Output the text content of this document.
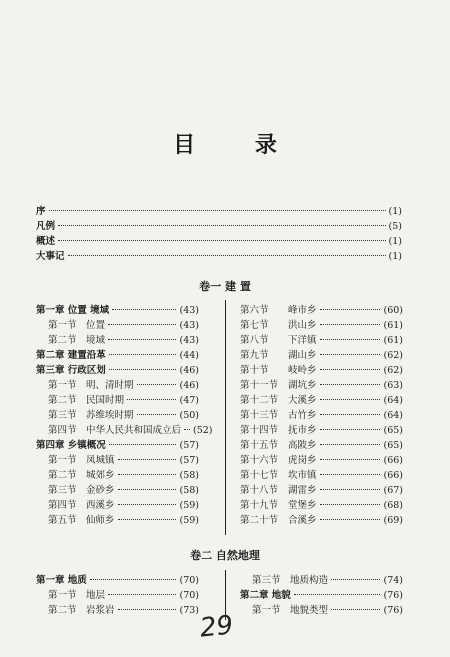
目 录
序	(1)
凡例	(5)
概述	(1)
大事记	(1)
卷一 建 置
第一章 位置 境域	(43)
第一节 位置	(43)
第二节 境域	(43)
第二章 建置沿革	(44)
第三章 行政区划	(46)
第一节 明、清时期	(46)
第二节 民国时期	(47)
第三节 苏维埃时期	(50)
第四节 中华人民共和国成立后 (52)
第四章 乡镇概况	(57)
第一节 凤城镇	(57)
第二节 城郊乡	(58)
第三节 金砂乡	(58)
第四节 西溪乡	(59)
第五节 仙师乡	(59)
第六节	峰市乡	(60)
第七节	洪山乡	(61)
第八节	下洋镇	(61)
第九节	湖山乡	(62)
第十节	岐岭乡	(62)
第十一节	湖坑乡	(63)
第十二节	大溪乡	(64)
第十三节	古竹乡	(64)
第十四节	抚市乡	(65)
第十五节	高陂乡	(65)
第十六节	虎岗乡	(66)
第十七节	坎市镇	(66)
第十八节	湖雷乡	(67)
第十九节	堂堡乡	(68)
第二十节	合溪乡	(69)
卷二 自然地理
第一章 地质	(70)
第一节 地层	(70)
第二节 岩浆岩	(73)
第三节 地质构造	(74)
第二章 地貌	(76)
第一节 地貌类型	(76)
29
